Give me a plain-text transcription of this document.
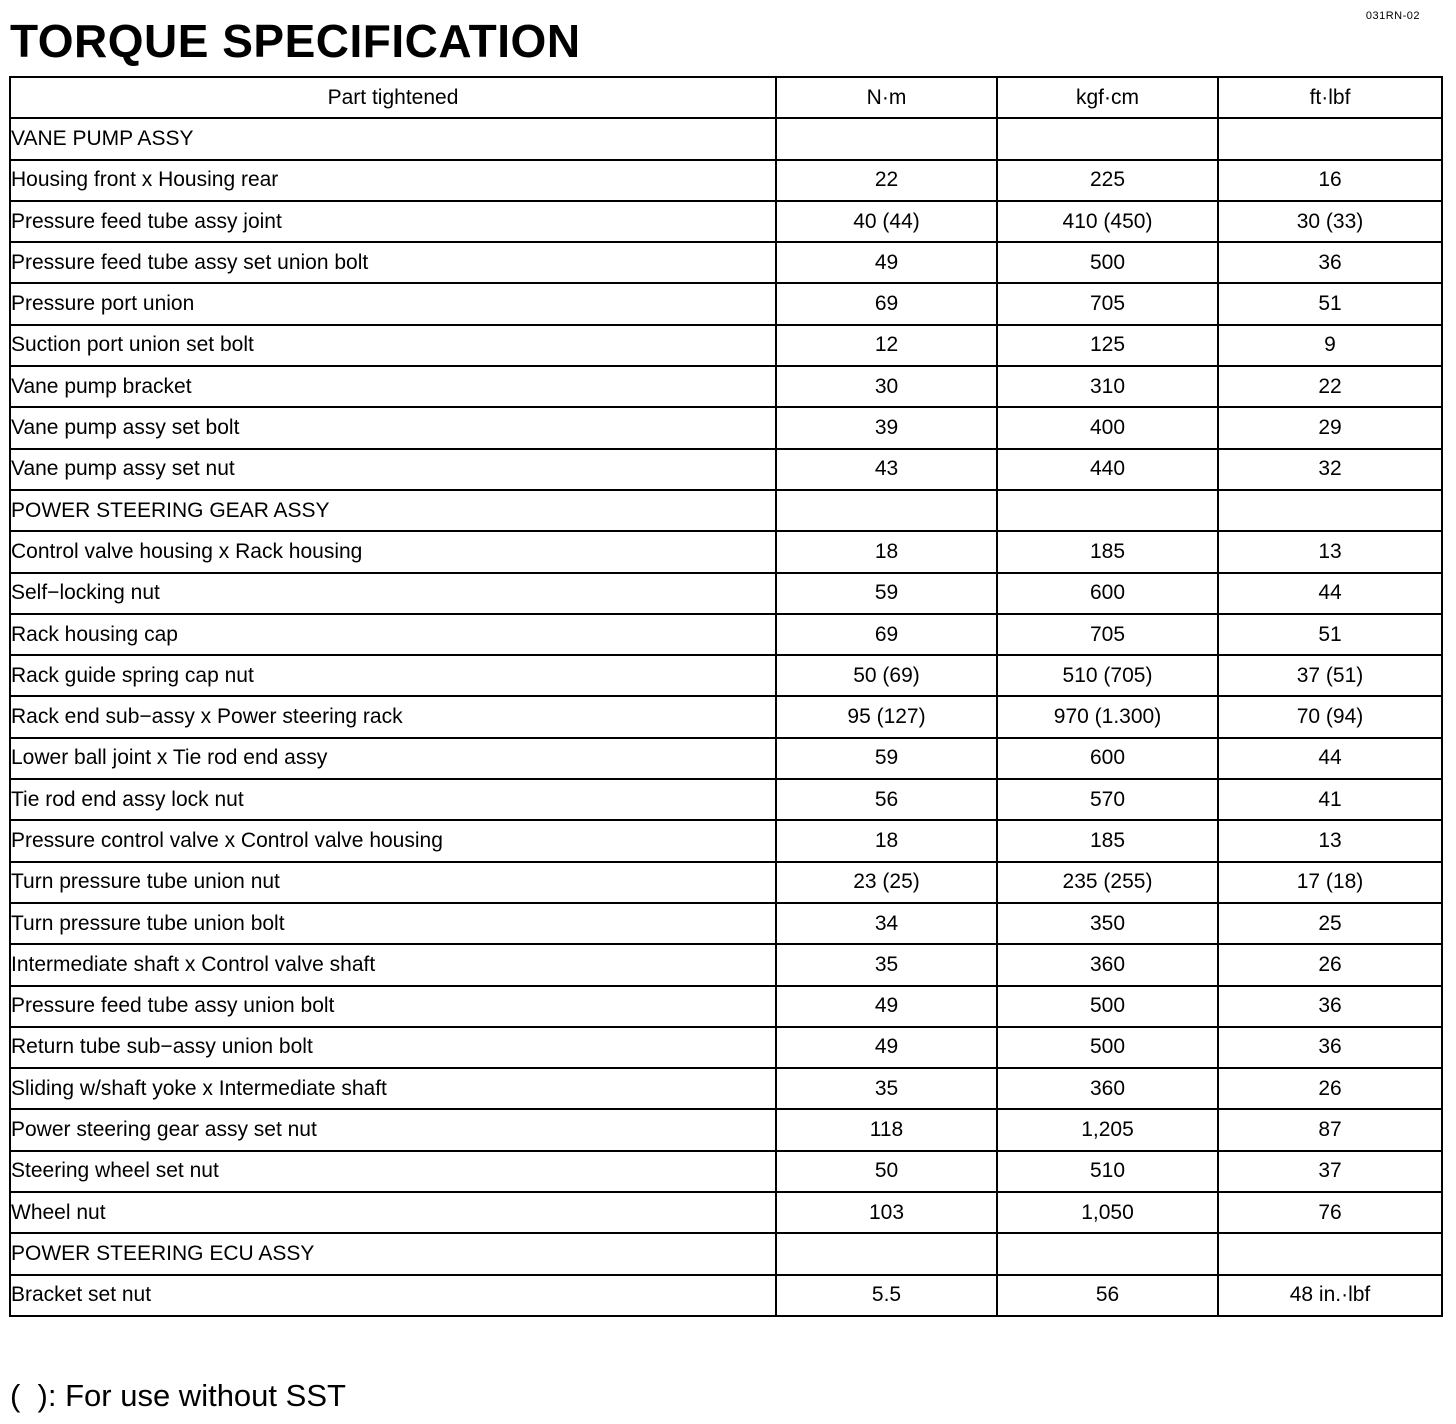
031RN-02
TORQUE SPECIFICATION
Part tightened	N·m	kgf·cm	ft·lbf
VANE PUMP ASSY			
Housing front x Housing rear	22	225	16
Pressure feed tube assy joint	40 (44)	410 (450)	30 (33)
Pressure feed tube assy set union bolt	49	500	36
Pressure port union	69	705	51
Suction port union set bolt	12	125	9
Vane pump bracket	30	310	22
Vane pump assy set bolt	39	400	29
Vane pump assy set nut	43	440	32
POWER STEERING GEAR ASSY			
Control valve housing x Rack housing	18	185	13
Self−locking nut	59	600	44
Rack housing cap	69	705	51
Rack guide spring cap nut	50 (69)	510 (705)	37 (51)
Rack end sub−assy x Power steering rack	95 (127)	970 (1.300)	70 (94)
Lower ball joint x Tie rod end assy	59	600	44
Tie rod end assy lock nut	56	570	41
Pressure control valve x Control valve housing	18	185	13
Turn pressure tube union nut	23 (25)	235 (255)	17 (18)
Turn pressure tube union bolt	34	350	25
Intermediate shaft x Control valve shaft	35	360	26
Pressure feed tube assy union bolt	49	500	36
Return tube sub−assy union bolt	49	500	36
Sliding w/shaft yoke x Intermediate shaft	35	360	26
Power steering gear assy set nut	118	1,205	87
Steering wheel set nut	50	510	37
Wheel nut	103	1,050	76
POWER STEERING ECU ASSY			
Bracket set nut	5.5	56	48 in.·lbf
(  ): For use without SST
